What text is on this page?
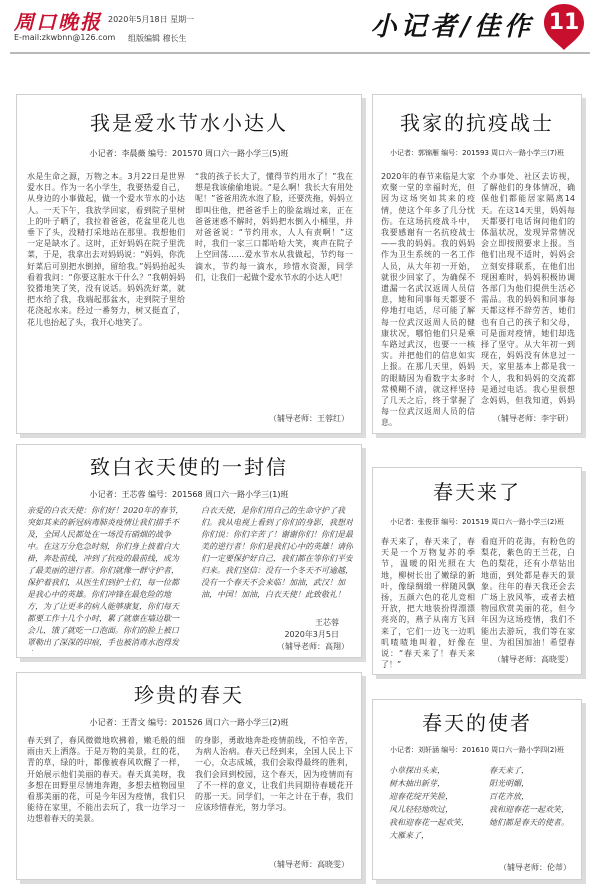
周口晚报 2020年5月18日 星期一
E-mail:zkwbnn@126.com 组版编辑 穆长生	小记者/佳作 11
我是爱水节水小达人
小记者：李晨薇 编号：201570 周口六一路小学三(5)班
水是生命之源，万物之本。3月22日是世界爱水日。作为一名小学生，我要热爱自己，从身边的小事做起，做一个爱水节水的小达人。一天下午，我放学回家，看到院子里树上的叶子晒了，我拉着爸爸，花盆里花儿也垂下了头，没精打采地站在那里。我想他们一定是缺水了。这时，正好妈妈在院子里洗菜，于是，我拿出去对妈妈说：“妈妈，你洗好菜后可别把水倒掉，留给我。”妈妈抬起头看着我问：“你要这脏水干什么？”我朝妈妈狡猾地笑了笑，没有说话。妈妈洗好菜，就把水给了我，我端起那盆水，走到院子里给花浇起水来。经过一番努力，树又挺直了，花儿也抬起了头，我开心地笑了。
“我的孩子长大了，懂得节约用水了！”我在想是我该偷偷地说。“是么啊！我长大有用处呢！”爸爸用洗水泡了脸，还要洗拖，妈妈立即叫住他，把爸爸手上的脸盆端过来，正在爸爸迷惑不解时，妈妈把水倒入小桶里，并对爸爸说：“节约用水，人人有责啊！”这时，我们一家三口都哈哈大笑，爽声在院子上空回荡……爱水节水从我做起，节约每一滴水，节约每一滴水，珍惜水资源，同学们，让我们一起做个爱水节水的小达人吧！
（辅导老师：王蓉红）
我家的抗疫战士
小记者：郭锦雁 编号：201593 周口六一路小学三(7)班
2020年的春节来临是大家欢聚一堂的幸福时光，但因为这场突如其来的疫情，使这个年多了几分忧伤。在这场抗疫战斗中，我要感谢有一名抗疫战士——我的妈妈。我的妈妈作为卫生系统的一名工作人员，从大年初一开始，就很少回家了，为确保不遗漏一名武汉返周人员信息，她和同事每天都要不停地打电话，尽可能了解每一位武汉返周人员的健康状况，哪怕他们只是乘车路过武汉，也要一一核实。并把他们的信息如实上报。在那几天里，妈妈的眼睛因为看数字太多时常模糊不清，就这样坚持了几天之后，终于掌握了每一位武汉返周人员的信息。
个办事处、社区去访视，了解他们的身体情况，确保他们都能居家隔离14天。在这14天里，妈妈每天都要打电话询问他们的体温状况，发现异常情况会立即按照要求上报。当他们出现不适时，妈妈会立刻安排联系，在他们出现困难时，妈妈积极协调各部门为他们提供生活必需品。我的妈妈和同事每天都这样不辞劳苦，她们也有自己的孩子和父母，可是面对疫情，她们却选择了坚守。从大年初一到现在，妈妈没有休息过一天，家里基本上都是我一个人，我和妈妈的交流都是通过电话。我心里很想念妈妈，但我知道，妈妈
（辅导老师：李宇研）
致白衣天使的一封信
小记者：王芯蓉 编号：201568 周口六一路小学三(1)班
亲爱的白衣天使：你们好！2020年的春节，突如其来的新冠病毒肺炎疫情让我们措手不及，全国人民都处在一场没有硝烟的战争中。在这万分危急时刻，你们身上披着白大褂，奔赴前线，冲到了抗疫的最前线，成为了最美丽的逆行者。你们就像一群守护者，保护着我们，从医生们到护士们，每一位都是我心中的英雄。你们冲锋在最危险的地方，为了让更多的病人能够康复，你们每天都要工作十几个小时，累了就靠在墙边歇一会儿，饿了就吃一口泡面。你们的脸上被口罩勒出了深深的印痕，手也被消毒水泡得发
白衣天使，是你们用自己的生命守护了我们。我从电视上看到了你们的身影，我想对你们说：你们辛苦了！谢谢你们！你们是最美的逆行者！你们是我们心中的英雄！请你们一定要保护好自己，我们都在等你们平安归来。我们坚信：没有一个冬天不可逾越，没有一个春天不会来临！加油，武汉！加油，中国！加油，白衣天使！此致敬礼！
王芯蓉
2020年3月5日
（辅导老师：高翔）
春天来了
小记者：张俊菲 编号：201519 周口六一路小学三(2)班
春天来了，春天来了，春天是一个万物复苏的季节，温暖的阳光照在大地，柳树长出了嫩绿的新叶，像绿绸缎一样随风飘扬，五颜六色的花儿竞相开放，把大地装扮得漂漂亮亮的，燕子从南方飞回来了，它们一边飞一边叽叽喳喳地叫着，好像在说：“春天来了！春天来了！”
看庭开的花海，有粉色的梨花，紫色的王兰花，白色的梨花，还有小草钻出地面，到处都是春天的景象。往年的春天我还会去广场上放风筝，或者去植物园欣赏美丽的花，但今年因为这场疫情，我们不能出去游玩，我们等在家里，为祖国加油！希望春
（辅导老师：高晓雯）
珍贵的春天
小记者：王青文 编号：201526 周口六一路小学三(2)班
春天到了，春风微微地吹拂着，嫩毛般的细雨由天上洒落。于是万物的美景，红的花，青的草，绿的叶，都像被春风吹醒了一样，开始展示他们美丽的春天。春天真美呀，我多想在田野里尽情地奔跑，多想去植物园里看那美丽的花，可是今年因为疫情，我们只能待在家里，不能出去玩了，我一边学习一边想着春天的美景。
的身影，勇敢地奔赴疫情前线，不怕辛苦，为病人治病。春天已经到来，全国人民上下一心，众志成城，我们会取得最终的胜利，我们会回到校园，这个春天，因为疫情而有了不一样的意义，让我们共同期待春暖花开的那一天。同学们，一年之计在于春，我们应该珍惜春光，努力学习。
（辅导老师：高晓雯）
春天的使者
小记者：刘轩涵 编号：201610 周口六一路小学四(2)班
小草探出头来，
树木抽出新芽，
迎春花绽开笑脸，
风儿轻轻地吹过，
我和迎春花一起欢笑，
大雁来了，
春天来了，
阳光明媚，
百花齐放，
我和迎春花一起欢笑，
她们都是春天的使者。
（辅导老师：伦蒂）
